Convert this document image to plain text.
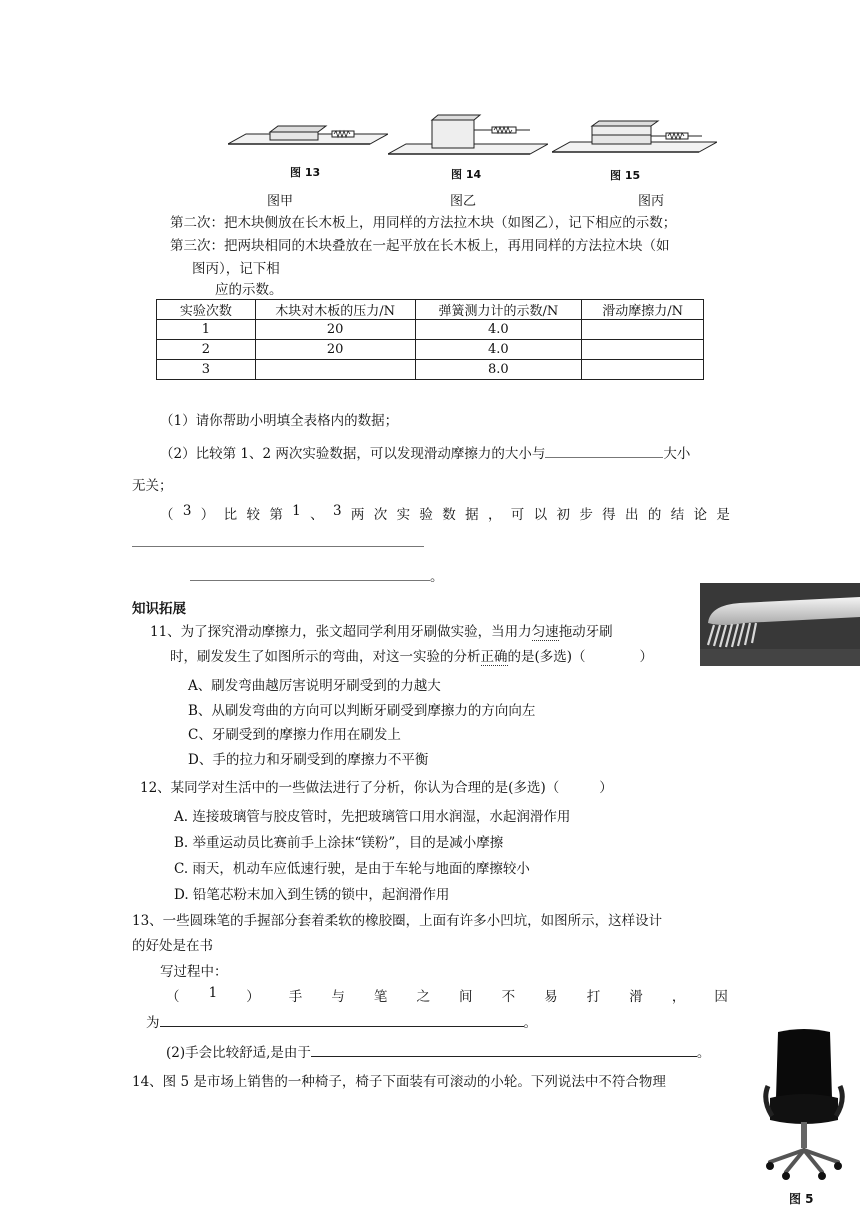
图 13	图 14	图 15
图甲	图乙	图丙
第二次：把木块侧放在长木板上，用同样的方法拉木块（如图乙），记下相应的示数；
第三次：把两块相同的木块叠放在一起平放在长木板上，再用同样的方法拉木块（如
图丙），记下相
应的示数。
实验次数	木块对木板的压力/N	弹簧测力计的示数/N	滑动摩擦力/N
1	20	4.0	
2	20	4.0	
3		8.0	
（1）请你帮助小明填全表格内的数据；
（2）比较第 1、2 两次实验数据，可以发现滑动摩擦力的大小与	大小
无关；
（ 3 ） 比 较 第 1 、 3 两 次 实 验 数 据 ， 可 以 初 步 得 出 的 结 论 是
。
知识拓展
11、为了探究滑动摩擦力，张文超同学利用牙刷做实验，当用力匀速拖动牙刷
时，刷发发生了如图所示的弯曲，对这一实验的分析正确的是(多选)（	）
A、刷发弯曲越厉害说明牙刷受到的力越大
B、从刷发弯曲的方向可以判断牙刷受到摩擦力的方向向左
C、牙刷受到的摩擦力作用在刷发上
D、手的拉力和牙刷受到的摩擦力不平衡
12、某同学对生活中的一些做法进行了分析，你认为合理的是(多选)（	）
A. 连接玻璃管与胶皮管时，先把玻璃管口用水润湿，水起润滑作用
B. 举重运动员比赛前手上涂抹“镁粉”，目的是减小摩擦
C. 雨天，机动车应低速行驶，是由于车轮与地面的摩擦较小
D. 铅笔芯粉末加入到生锈的锁中，起润滑作用
13、一些圆珠笔的手握部分套着柔软的橡胶圈，上面有许多小凹坑，如图所示，这样设计
的好处是在书
写过程中：
（ 1 ） 手 与 笔 之 间 不 易 打 滑 ， 因
为	。
(2)手会比较舒适,是由于	。
14、图 5 是市场上销售的一种椅子，椅子下面装有可滚动的小轮。下列说法中不符合物理
图 5
